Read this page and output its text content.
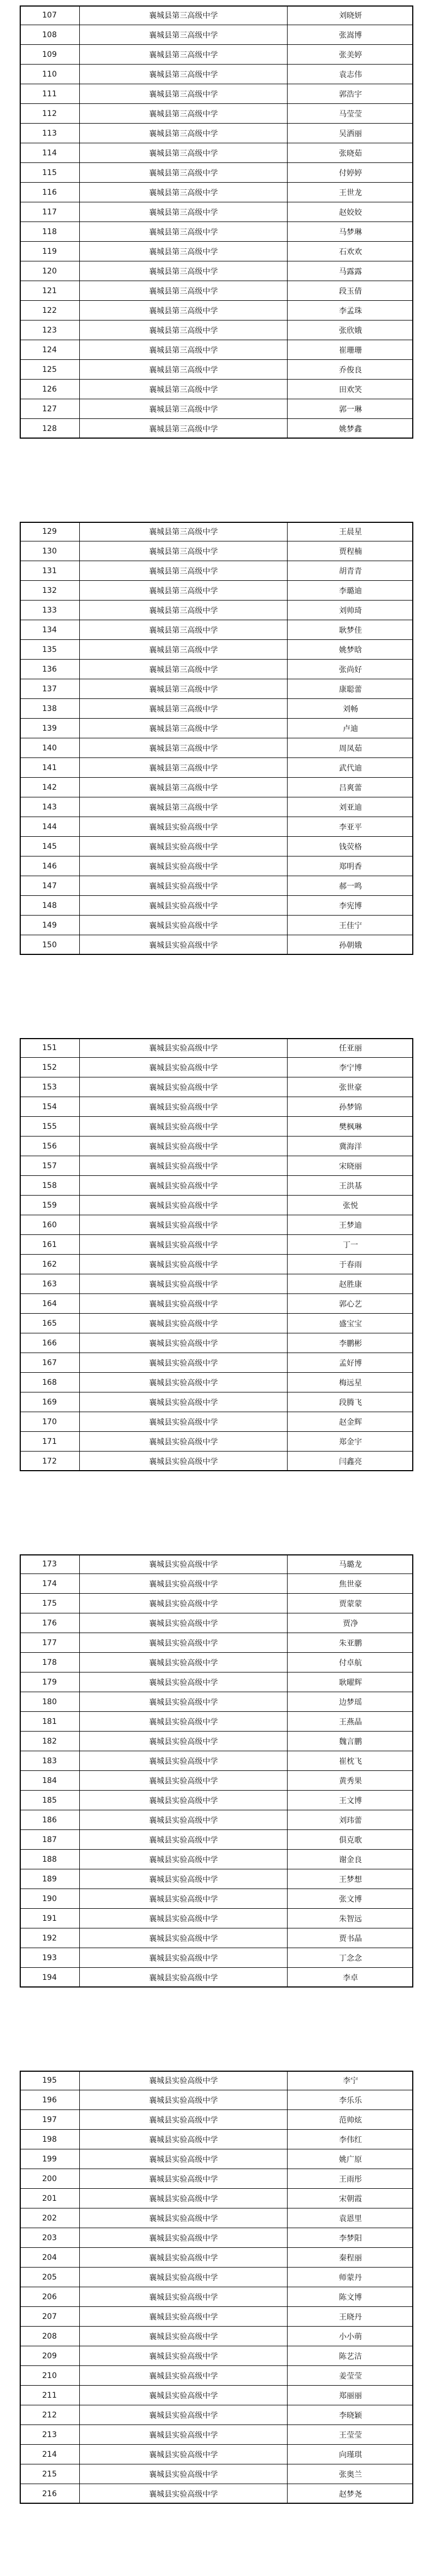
107	襄城县第三高级中学	刘晓妍
108	襄城县第三高级中学	张嵩博
109	襄城县第三高级中学	张美婷
110	襄城县第三高级中学	袁志伟
111	襄城县第三高级中学	郭浩宇
112	襄城县第三高级中学	马莹莹
113	襄城县第三高级中学	吴洒丽
114	襄城县第三高级中学	张晓茹
115	襄城县第三高级中学	付婷婷
116	襄城县第三高级中学	王世龙
117	襄城县第三高级中学	赵姣姣
118	襄城县第三高级中学	马梦琳
119	襄城县第三高级中学	石欢欢
120	襄城县第三高级中学	马露露
121	襄城县第三高级中学	段玉倩
122	襄城县第三高级中学	李孟珠
123	襄城县第三高级中学	张欣娥
124	襄城县第三高级中学	崔珊珊
125	襄城县第三高级中学	乔俊良
126	襄城县第三高级中学	田欢笑
127	襄城县第三高级中学	郭一琳
128	襄城县第三高级中学	姚梦鑫
129	襄城县第三高级中学	王晨星
130	襄城县第三高级中学	贾程楠
131	襄城县第三高级中学	胡青青
132	襄城县第三高级中学	李璐迪
133	襄城县第三高级中学	刘帅琦
134	襄城县第三高级中学	耿梦佳
135	襄城县第三高级中学	姚梦晗
136	襄城县第三高级中学	张尚好
137	襄城县第三高级中学	康聪蕾
138	襄城县第三高级中学	刘畅
139	襄城县第三高级中学	卢迪
140	襄城县第三高级中学	周凤茹
141	襄城县第三高级中学	武代迪
142	襄城县第三高级中学	吕爽蕾
143	襄城县第三高级中学	刘亚迪
144	襄城县实验高级中学	李亚平
145	襄城县实验高级中学	钱荧格
146	襄城县实验高级中学	郑明香
147	襄城县实验高级中学	郝一鸣
148	襄城县实验高级中学	李宪博
149	襄城县实验高级中学	王佳宁
150	襄城县实验高级中学	孙朝娥
151	襄城县实验高级中学	任亚丽
152	襄城县实验高级中学	李宁博
153	襄城县实验高级中学	张世豪
154	襄城县实验高级中学	孙梦锦
155	襄城县实验高级中学	樊枫琳
156	襄城县实验高级中学	冀海洋
157	襄城县实验高级中学	宋晓丽
158	襄城县实验高级中学	王洪基
159	襄城县实验高级中学	张悦
160	襄城县实验高级中学	王梦迪
161	襄城县实验高级中学	丁一
162	襄城县实验高级中学	于春雨
163	襄城县实验高级中学	赵胜康
164	襄城县实验高级中学	郭心艺
165	襄城县实验高级中学	盛宝宝
166	襄城县实验高级中学	李鹏彬
167	襄城县实验高级中学	孟好博
168	襄城县实验高级中学	梅远星
169	襄城县实验高级中学	段腾飞
170	襄城县实验高级中学	赵金辉
171	襄城县实验高级中学	郑金宇
172	襄城县实验高级中学	闫鑫亮
173	襄城县实验高级中学	马璐龙
174	襄城县实验高级中学	焦世豪
175	襄城县实验高级中学	贾蒙蒙
176	襄城县实验高级中学	贾净
177	襄城县实验高级中学	朱亚鹏
178	襄城县实验高级中学	付卓航
179	襄城县实验高级中学	耿曜辉
180	襄城县实验高级中学	边梦瑶
181	襄城县实验高级中学	王燕晶
182	襄城县实验高级中学	魏言鹏
183	襄城县实验高级中学	崔枕飞
184	襄城县实验高级中学	黄秀果
185	襄城县实验高级中学	王文博
186	襄城县实验高级中学	刘玮蕾
187	襄城县实验高级中学	俱克歌
188	襄城县实验高级中学	谢金良
189	襄城县实验高级中学	王梦想
190	襄城县实验高级中学	张文博
191	襄城县实验高级中学	朱智远
192	襄城县实验高级中学	贾书晶
193	襄城县实验高级中学	丁念念
194	襄城县实验高级中学	李卓
195	襄城县实验高级中学	李宁
196	襄城县实验高级中学	李乐乐
197	襄城县实验高级中学	范帅炫
198	襄城县实验高级中学	李伟红
199	襄城县实验高级中学	姚广原
200	襄城县实验高级中学	王雨彤
201	襄城县实验高级中学	宋朝霞
202	襄城县实验高级中学	袁恩里
203	襄城县实验高级中学	李梦阳
204	襄城县实验高级中学	秦程丽
205	襄城县实验高级中学	师蒙丹
206	襄城县实验高级中学	陈文博
207	襄城县实验高级中学	王晓丹
208	襄城县实验高级中学	小小萌
209	襄城县实验高级中学	陈艺洁
210	襄城县实验高级中学	姜莹莹
211	襄城县实验高级中学	郑丽丽
212	襄城县实验高级中学	李晓颖
213	襄城县实验高级中学	王莹莹
214	襄城县实验高级中学	向瑾琪
215	襄城县实验高级中学	张奥兰
216	襄城县实验高级中学	赵梦尧
